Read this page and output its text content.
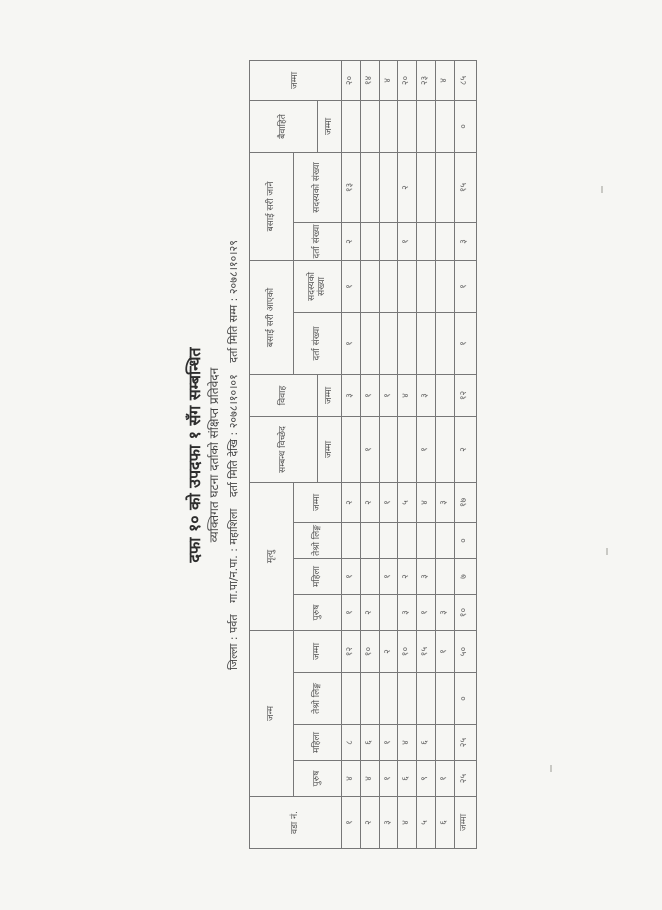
दफा १० को उपदफा १ सँग सम्बन्धित व्यक्तिगत घटना दर्ताको संक्षिप्त प्रतिवेदन
जिल्ला : पर्वत गा.पा/न.पा. : महाशिला दर्ता मिति देखि : २०७८।१०।०१ दर्ता मिति सम्म : २०७८।१०।२९
वडा नं.	जन्म				मृत्यु				सम्बन्ध विच्छेद	विवाह	बसाई सरी आएको		बसाई सरी जाने		बैवाहिते	जम्मा
	पुरुष	महिला	तेश्रो लिङ्ग	जम्मा	पुरुष	महिला	तेश्रो लिङ्ग	जम्मा			दर्ता संख्या	सदस्यको संख्या	दर्ता संख्या	सदस्यको संख्या		
									जम्मा	जम्मा					जम्मा	
१	४	८		१२	१	१		२		३	१	१	२	१३		२०
२	४	६		१०	२			२	१	१						१४
३	१	१		२		१		१		१						४
४	६	४		१०	३	२		५		४			१	२		२०
५	९	६		१५	१	३		४	१	३						२३
६	१			१	३			३								४
जम्मा	२५	२५	०	५०	१०	७	०	१७	२	१२	१	१	३	१५	०	८५
